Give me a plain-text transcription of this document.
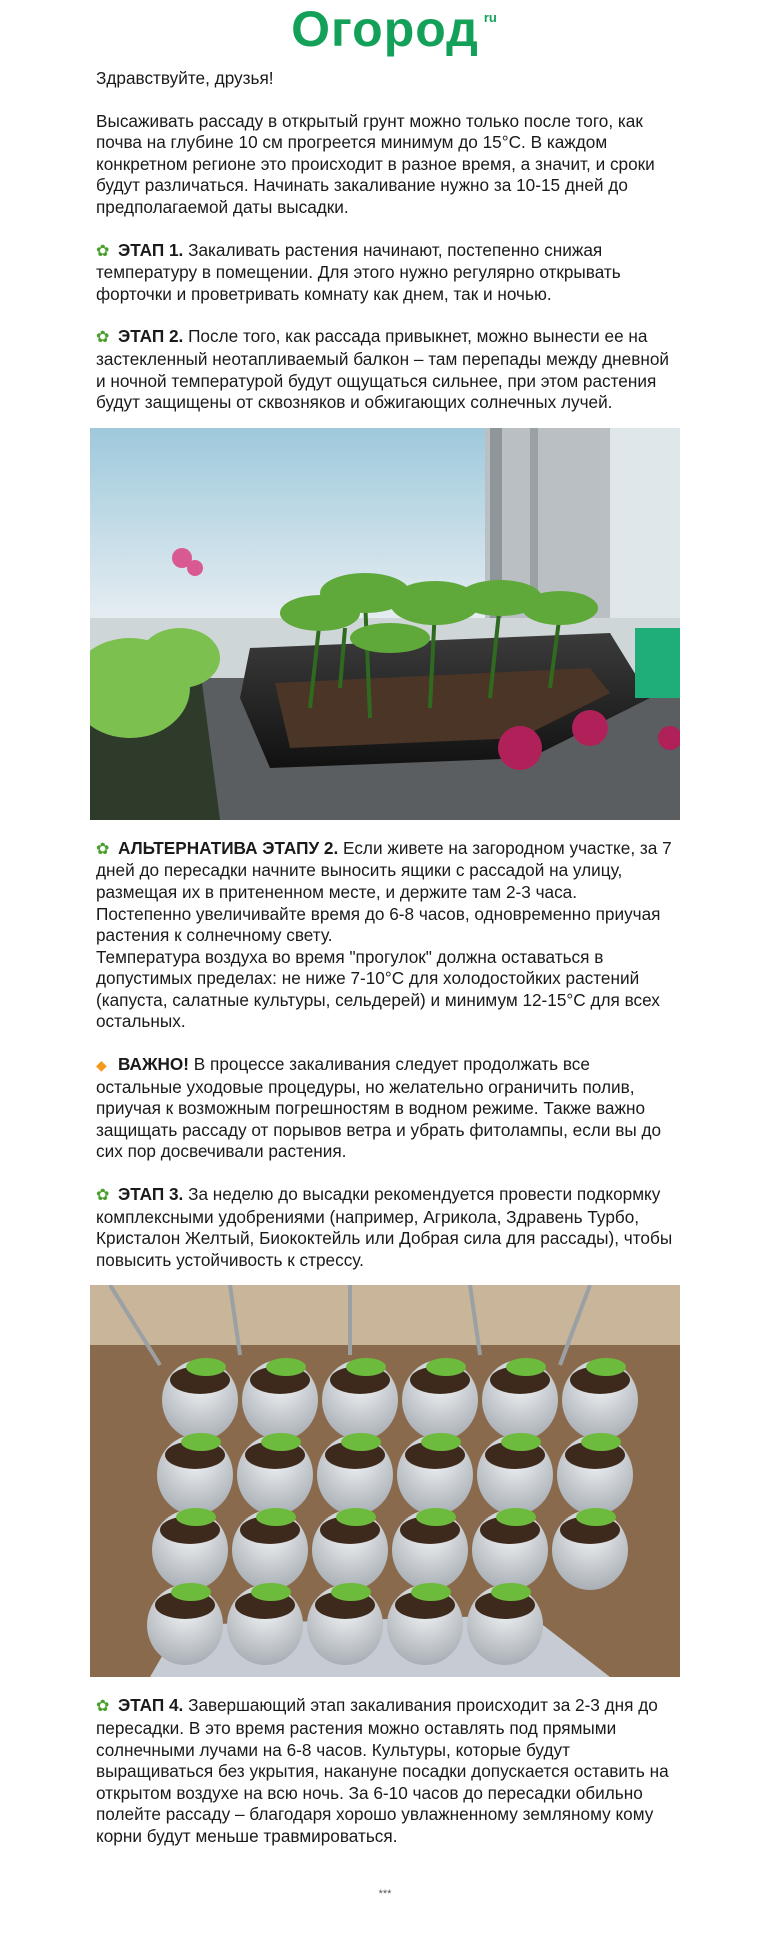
Огород ru

Здравствуйте, друзья!

Высаживать рассаду в открытый грунт можно только после того, как почва на глубине 10 см прогреется минимум до 15°С. В каждом конкретном регионе это происходит в разное время, а значит, и сроки будут различаться. Начинать закаливание нужно за 10-15 дней до предполагаемой даты высадки.

✿ ЭТАП 1. Закаливать растения начинают, постепенно снижая температуру в помещении. Для этого нужно регулярно открывать форточки и проветривать комнату как днем, так и ночью.

✿ ЭТАП 2. После того, как рассада привыкнет, можно вынести ее на застекленный неотапливаемый балкон – там перепады между дневной и ночной температурой будут ощущаться сильнее, при этом растения будут защищены от сквозняков и обжигающих солнечных лучей.

✿ АЛЬТЕРНАТИВА ЭТАПУ 2. Если живете на загородном участке, за 7 дней до пересадки начните выносить ящики с рассадой на улицу, размещая их в притененном месте, и держите там 2-3 часа. Постепенно увеличивайте время до 6-8 часов, одновременно приучая растения к солнечному свету.

Температура воздуха во время "прогулок" должна оставаться в допустимых пределах: не ниже 7-10°С для холодостойких растений (капуста, салатные культуры, сельдерей) и минимум 12-15°С для всех остальных.

◆ ВАЖНО! В процессе закаливания следует продолжать все остальные уходовые процедуры, но желательно ограничить полив, приучая к возможным погрешностям в водном режиме. Также важно защищать рассаду от порывов ветра и убрать фитолампы, если вы до сих пор досвечивали растения.

✿ ЭТАП 3. За неделю до высадки рекомендуется провести подкормку комплексными удобрениями (например, Агрикола, Здравень Турбо, Кристалон Желтый, Биококтейль или Добрая сила для рассады), чтобы повысить устойчивость к стрессу.

✿ ЭТАП 4. Завершающий этап закаливания происходит за 2-3 дня до пересадки. В это время растения можно оставлять под прямыми солнечными лучами на 6-8 часов. Культуры, которые будут выращиваться без укрытия, накануне посадки допускается оставить на открытом воздухе на всю ночь. За 6-10 часов до пересадки обильно полейте рассаду – благодаря хорошо увлажненному земляному кому корни будут меньше травмироваться.

***
